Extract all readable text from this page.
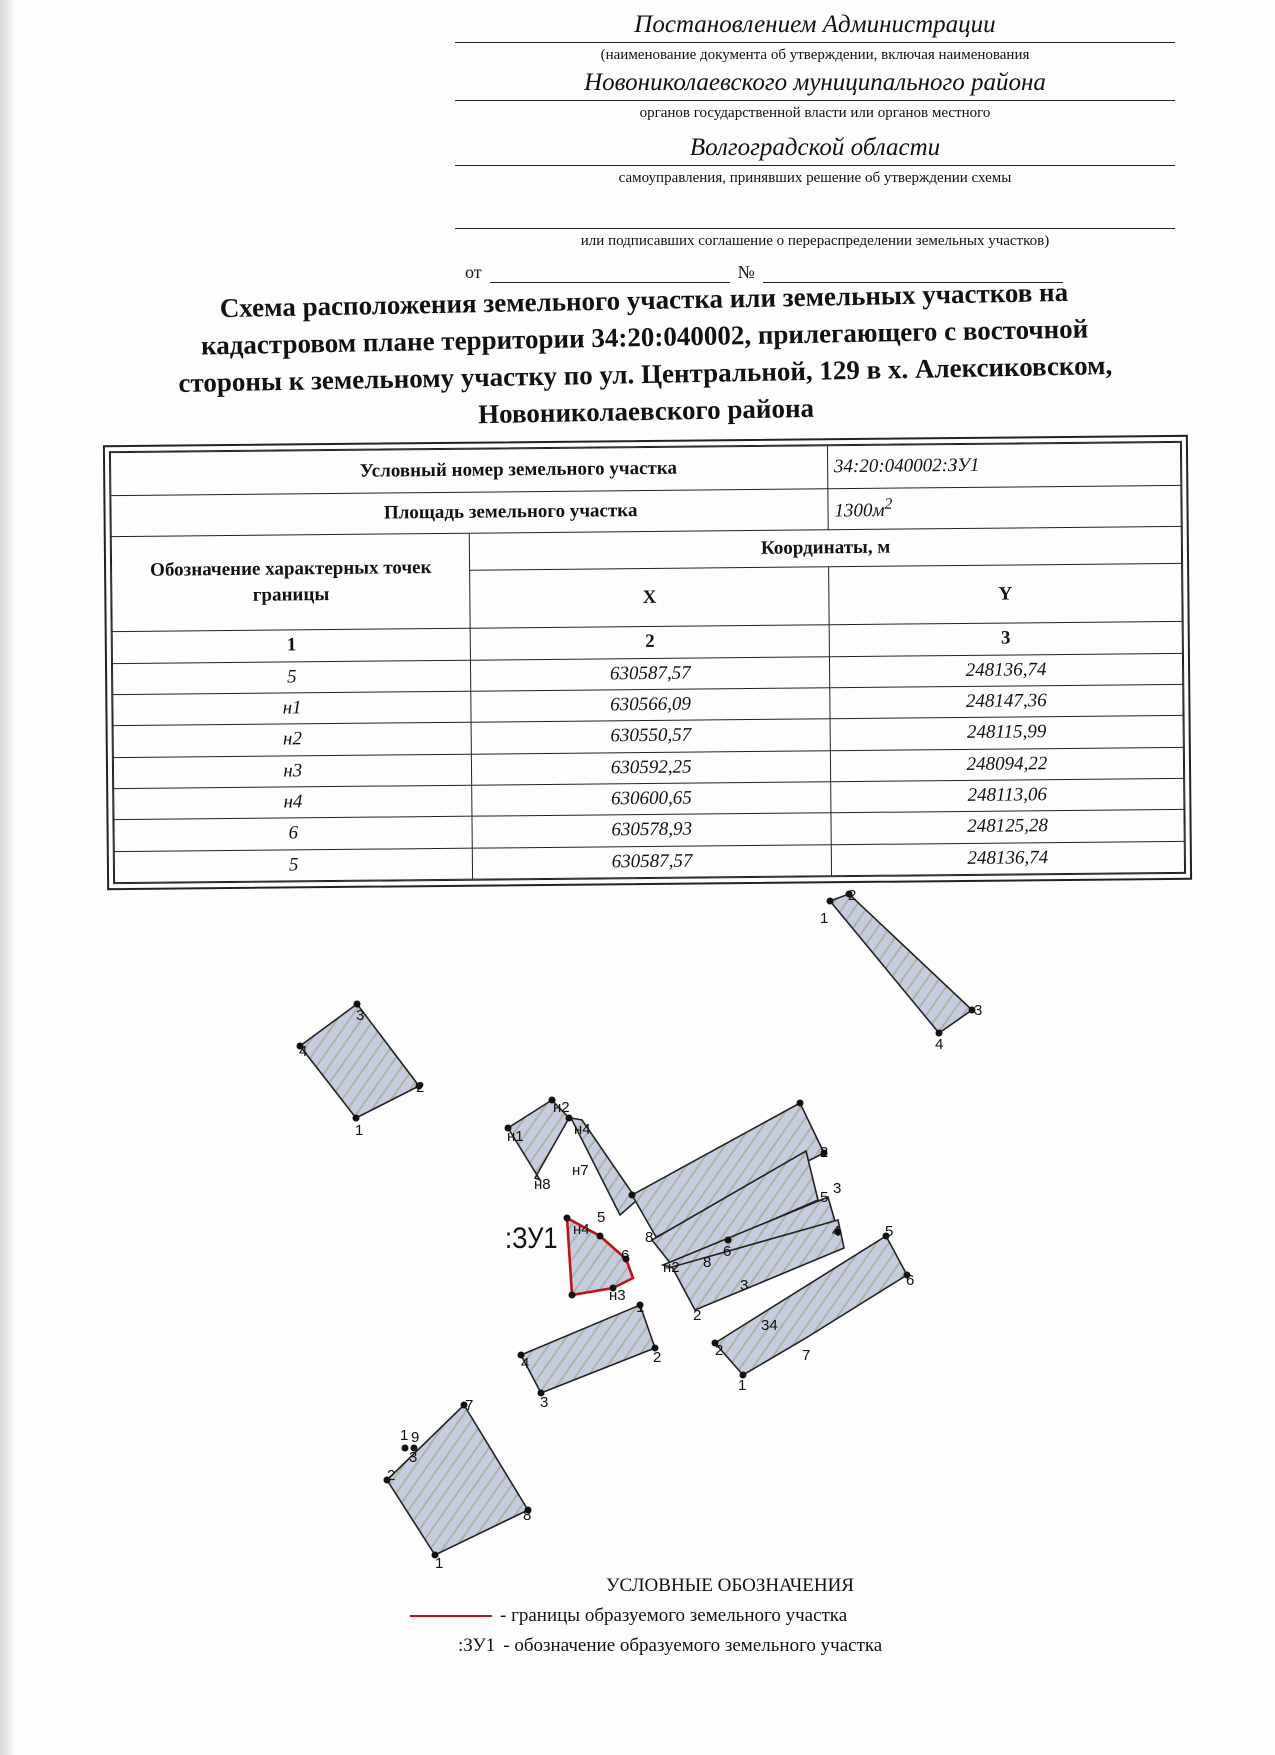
Постановлением Администрации
(наименование документа об утверждении, включая наименования
Новониколаевского муниципального района
органов государственной власти или органов местного
Волгоградской области
самоуправления, принявших решение об утверждении схемы
или подписавших соглашение о перераспределении земельных участков)
от	№
Схема расположения земельного участка или земельных участков на
кадастровом плане территории 34:20:040002, прилегающего с восточной
стороны к земельному участку по ул. Центральной, 129 в х. Алексиковском,
Новониколаевского района
Условный номер земельного участка		34:20:040002:ЗУ1
Площадь земельного участка		$1300м^2$
Обозначение характерных точек границы	Координаты, м	
	X	Y
1	2	3
5	630587,57	248136,74
н1	630566,09	248147,36
н2	630550,57	248115,99
н3	630592,25	248094,22
н4	630600,65	248113,06
6	630578,93	248125,28
5	630587,57	248136,74
2
1
3
4
3
4
2
1	н1
н2
н4
н7
н8
2
3
5
4
5
н4
6
8
н2 8
6
н3
3
2
5
6
34
7
2
1
1
2
4
3
7
1 9
3
2
8
1
:ЗУ1
УСЛОВНЫЕ ОБОЗНАЧЕНИЯ
- границы образуемого земельного участка
:ЗУ1 - обозначение образуемого земельного участка
